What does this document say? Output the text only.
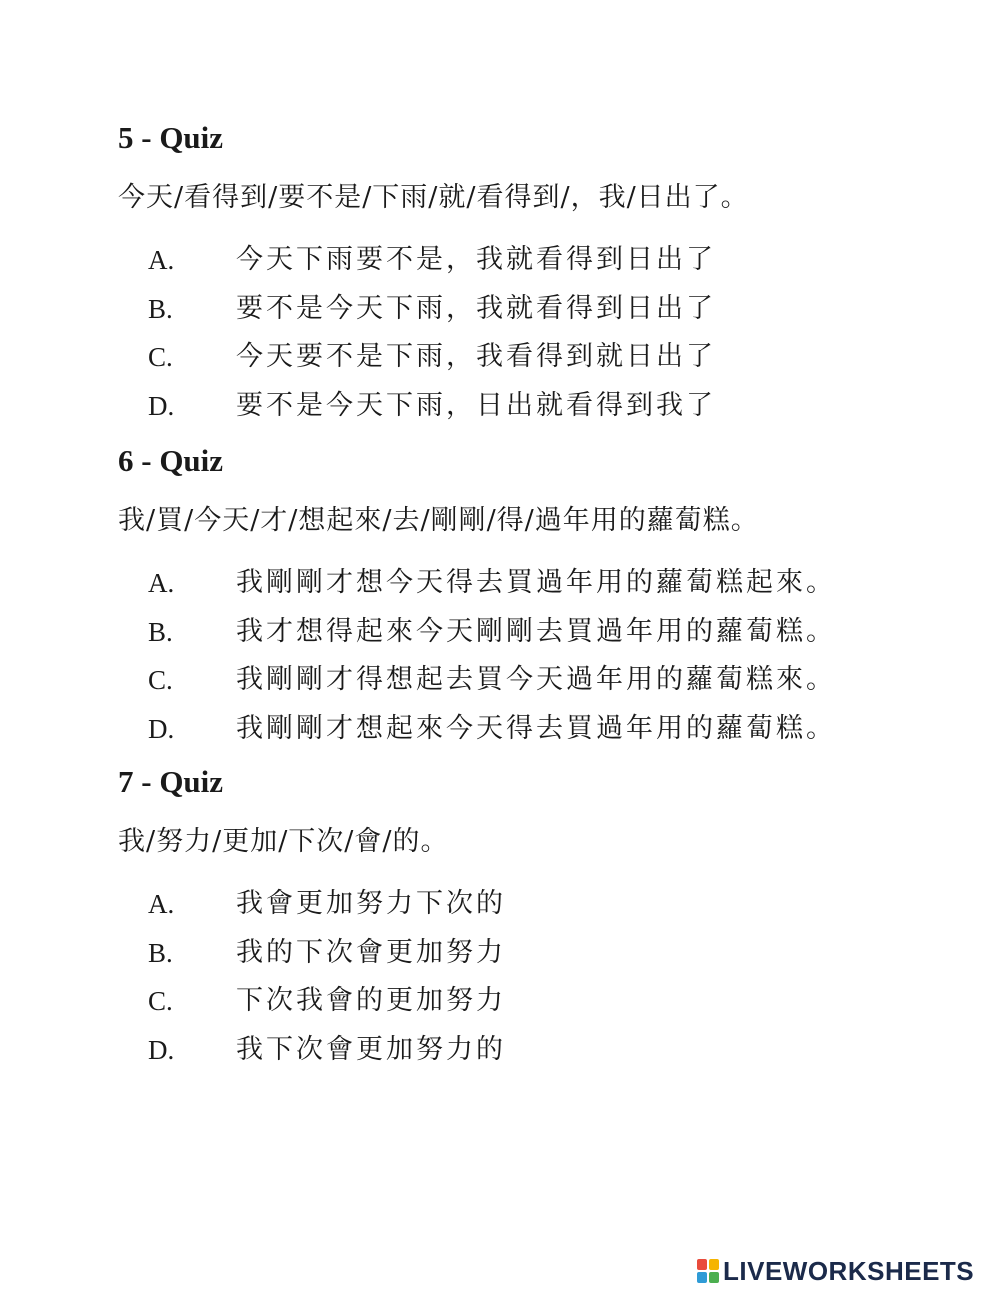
5 - Quiz
今天/看得到/要不是/下雨/就/看得到/，我/日出了。
A. 今天下雨要不是，我就看得到日出了
B. 要不是今天下雨，我就看得到日出了
C. 今天要不是下雨，我看得到就日出了
D. 要不是今天下雨，日出就看得到我了
6 - Quiz
我/買/今天/才/想起來/去/剛剛/得/過年用的蘿蔔糕。
A. 我剛剛才想今天得去買過年用的蘿蔔糕起來。
B. 我才想得起來今天剛剛去買過年用的蘿蔔糕。
C. 我剛剛才得想起去買今天過年用的蘿蔔糕來。
D. 我剛剛才想起來今天得去買過年用的蘿蔔糕。
7 - Quiz
我/努力/更加/下次/會/的。
A. 我會更加努力下次的
B. 我的下次會更加努力
C. 下次我會的更加努力
D. 我下次會更加努力的
LIVEWORKSHEETS
